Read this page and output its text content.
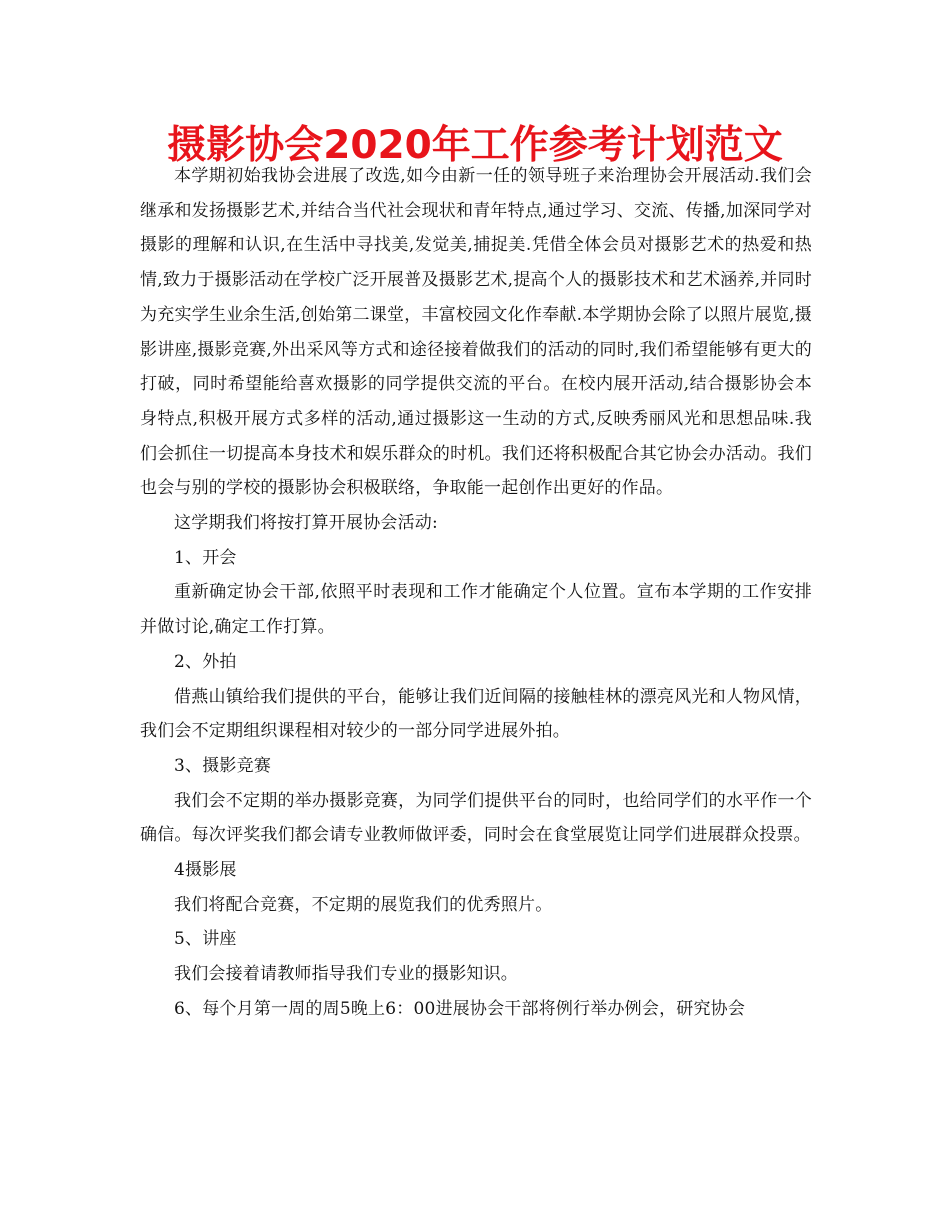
摄影协会2020年工作参考计划范文

本学期初始我协会进展了改选,如今由新一任的领导班子来治理协会开展活动.我们会继承和发扬摄影艺术,并结合当代社会现状和青年特点,通过学习、交流、传播,加深同学对摄影的理解和认识,在生活中寻找美,发觉美,捕捉美.凭借全体会员对摄影艺术的热爱和热情,致力于摄影活动在学校广泛开展普及摄影艺术,提高个人的摄影技术和艺术涵养,并同时为充实学生业余生活,创始第二课堂，丰富校园文化作奉献.本学期协会除了以照片展览,摄影讲座,摄影竞赛,外出采风等方式和途径接着做我们的活动的同时,我们希望能够有更大的打破，同时希望能给喜欢摄影的同学提供交流的平台。在校内展开活动,结合摄影协会本身特点,积极开展方式多样的活动,通过摄影这一生动的方式,反映秀丽风光和思想品味.我们会抓住一切提高本身技术和娱乐群众的时机。我们还将积极配合其它协会办活动。我们也会与别的学校的摄影协会积极联络，争取能一起创作出更好的作品。

这学期我们将按打算开展协会活动:

1、开会

重新确定协会干部,依照平时表现和工作才能确定个人位置。宣布本学期的工作安排并做讨论,确定工作打算。

2、外拍

借燕山镇给我们提供的平台，能够让我们近间隔的接触桂林的漂亮风光和人物风情，我们会不定期组织课程相对较少的一部分同学进展外拍。

3、摄影竞赛

我们会不定期的举办摄影竞赛，为同学们提供平台的同时，也给同学们的水平作一个确信。每次评奖我们都会请专业教师做评委，同时会在食堂展览让同学们进展群众投票。

4摄影展

我们将配合竞赛，不定期的展览我们的优秀照片。

5、讲座

我们会接着请教师指导我们专业的摄影知识。

6、每个月第一周的周5晚上6：00进展协会干部将例行举办例会，研究协会
